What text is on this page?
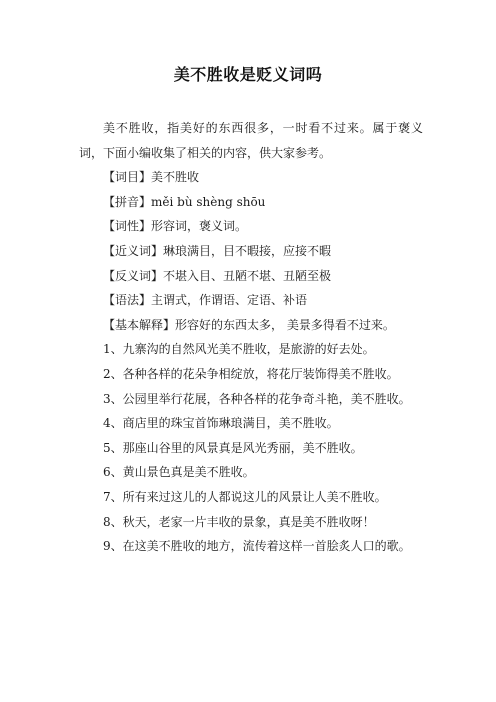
美不胜收是贬义词吗

美不胜收，指美好的东西很多，一时看不过来。属于褒义词，下面小编收集了相关的内容，供大家参考。

【词目】美不胜收

【拼音】měi bù shèng shōu

【词性】形容词，褒义词。

【近义词】琳琅满目，目不暇接，应接不暇

【反义词】不堪入目、丑陋不堪、丑陋至极

【语法】主谓式，作谓语、定语、补语

【基本解释】形容好的东西太多， 美景多得看不过来。

1、九寨沟的自然风光美不胜收，是旅游的好去处。

2、各种各样的花朵争相绽放，将花厅装饰得美不胜收。

3、公园里举行花展，各种各样的花争奇斗艳，美不胜收。

4、商店里的珠宝首饰琳琅满目，美不胜收。

5、那座山谷里的风景真是风光秀丽，美不胜收。

6、黄山景色真是美不胜收。

7、所有来过这儿的人都说这儿的风景让人美不胜收。

8、秋天，老家一片丰收的景象，真是美不胜收呀！

9、在这美不胜收的地方，流传着这样一首脍炙人口的歌。
